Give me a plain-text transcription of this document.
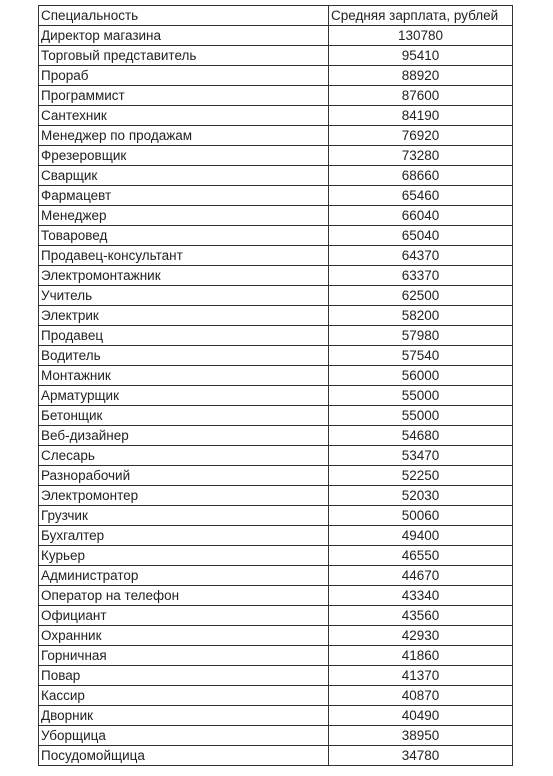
Специальность	Средняя зарплата, рублей
Директор магазина	130780
Торговый представитель	95410
Прораб	88920
Программист	87600
Сантехник	84190
Менеджер по продажам	76920
Фрезеровщик	73280
Сварщик	68660
Фармацевт	65460
Менеджер	66040
Товаровед	65040
Продавец-консультант	64370
Электромонтажник	63370
Учитель	62500
Электрик	58200
Продавец	57980
Водитель	57540
Монтажник	56000
Арматурщик	55000
Бетонщик	55000
Веб-дизайнер	54680
Слесарь	53470
Разнорабочий	52250
Электромонтер	52030
Грузчик	50060
Бухгалтер	49400
Курьер	46550
Администратор	44670
Оператор на телефон	43340
Официант	43560
Охранник	42930
Горничная	41860
Повар	41370
Кассир	40870
Дворник	40490
Уборщица	38950
Посудомойщица	34780
